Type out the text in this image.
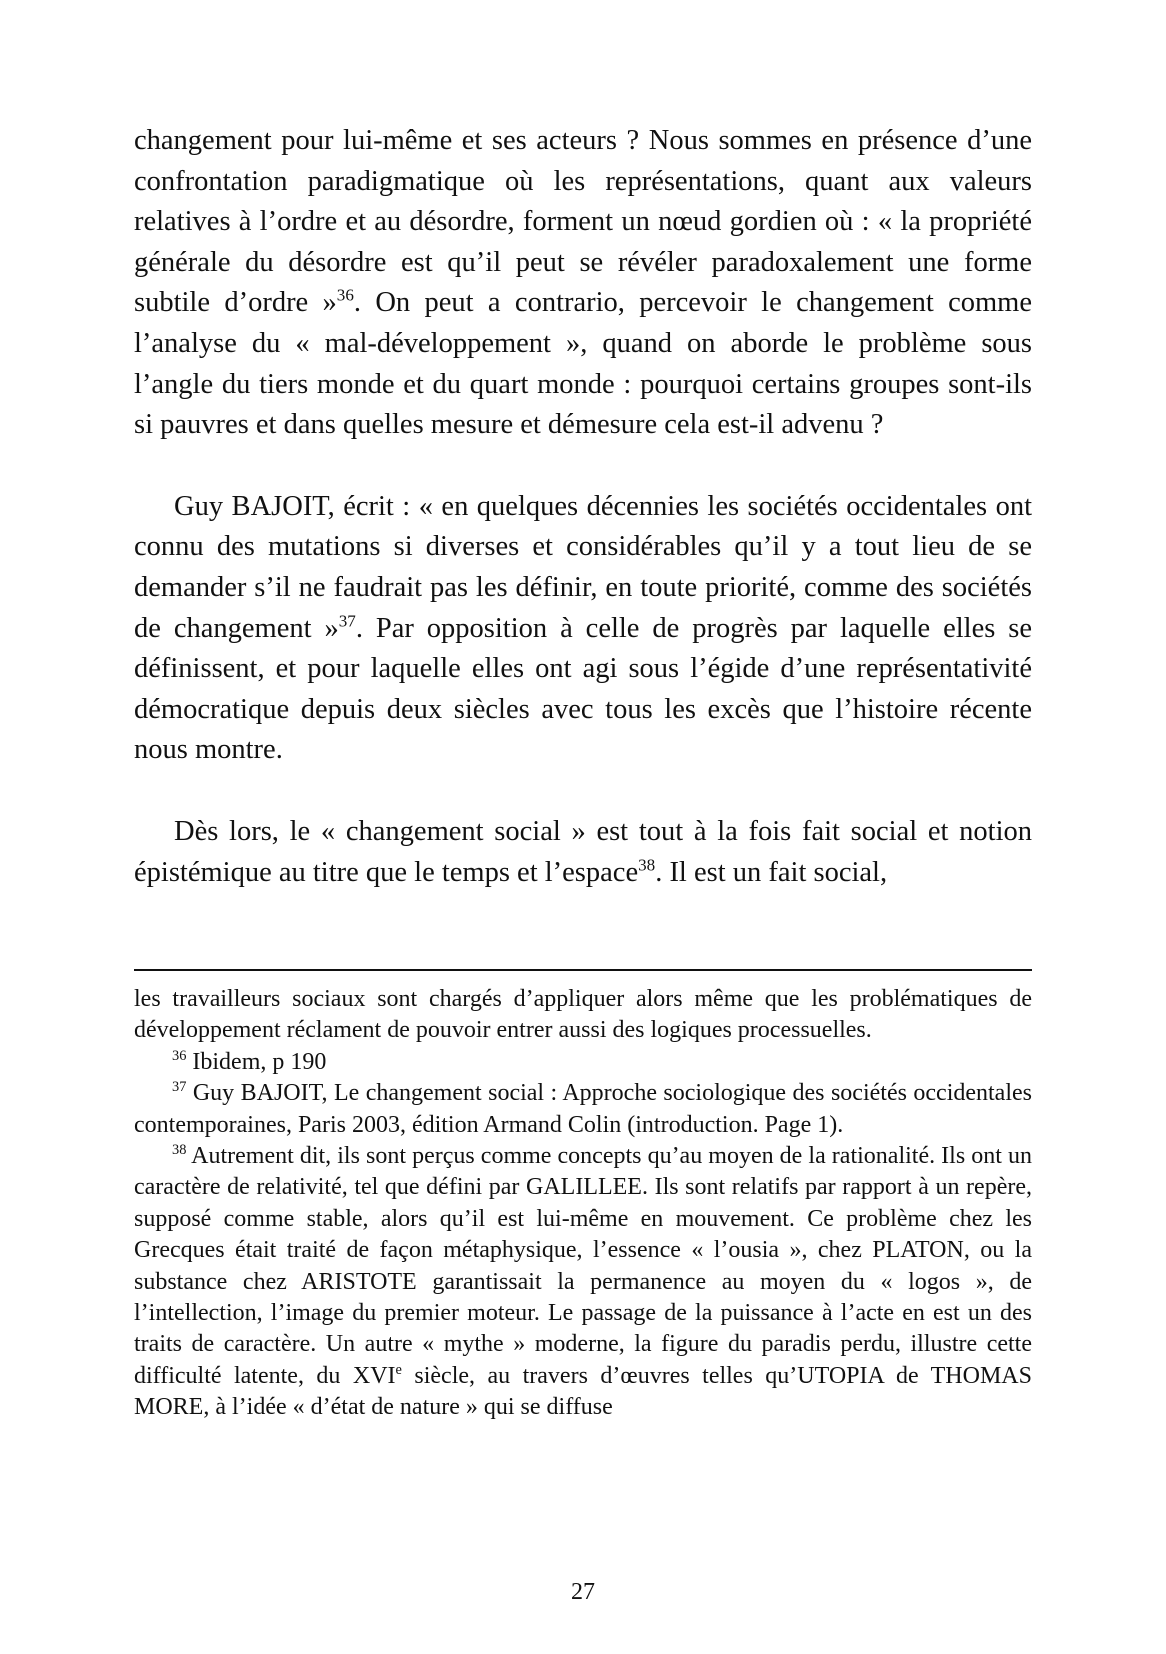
changement pour lui-même et ses acteurs ? Nous sommes en présence d’une confrontation paradigmatique où les représentations, quant aux valeurs relatives à l’ordre et au désordre, forment un nœud gordien où : « la propriété générale du désordre est qu’il peut se révéler paradoxalement une forme subtile d’ordre »$^{36}$. On peut a contrario, percevoir le changement comme l’analyse du « mal-développement », quand on aborde le problème sous l’angle du tiers monde et du quart monde : pourquoi certains groupes sont-ils si pauvres et dans quelles mesure et démesure cela est-il advenu ?

Guy BAJOIT, écrit : « en quelques décennies les sociétés occidentales ont connu des mutations si diverses et considérables qu’il y a tout lieu de se demander s’il ne faudrait pas les définir, en toute priorité, comme des sociétés de changement »$^{37}$. Par opposition à celle de progrès par laquelle elles se définissent, et pour laquelle elles ont agi sous l’égide d’une représentativité démocratique depuis deux siècles avec tous les excès que l’histoire récente nous montre.

Dès lors, le « changement social » est tout à la fois fait social et notion épistémique au titre que le temps et l’espace$^{38}$. Il est un fait social,

les travailleurs sociaux sont chargés d’appliquer alors même que les problématiques de développement réclament de pouvoir entrer aussi des logiques processuelles.

$^{36}$ Ibidem, p 190

$^{37}$ Guy BAJOIT, Le changement social : Approche sociologique des sociétés occidentales contemporaines, Paris 2003, édition Armand Colin (introduction. Page 1).

$^{38}$ Autrement dit, ils sont perçus comme concepts qu’au moyen de la rationalité. Ils ont un caractère de relativité, tel que défini par GALILLEE. Ils sont relatifs par rapport à un repère, supposé comme stable, alors qu’il est lui-même en mouvement. Ce problème chez les Grecques était traité de façon métaphysique, l’essence « l’ousia », chez PLATON, ou la substance chez ARISTOTE garantissait la permanence au moyen du « logos », de l’intellection, l’image du premier moteur. Le passage de la puissance à l’acte en est un des traits de caractère. Un autre « mythe » moderne, la figure du paradis perdu, illustre cette difficulté latente, du XVIe siècle, au travers d’œuvres telles qu’UTOPIA de THOMAS MORE, à l’idée « d’état de nature » qui se diffuse

27
